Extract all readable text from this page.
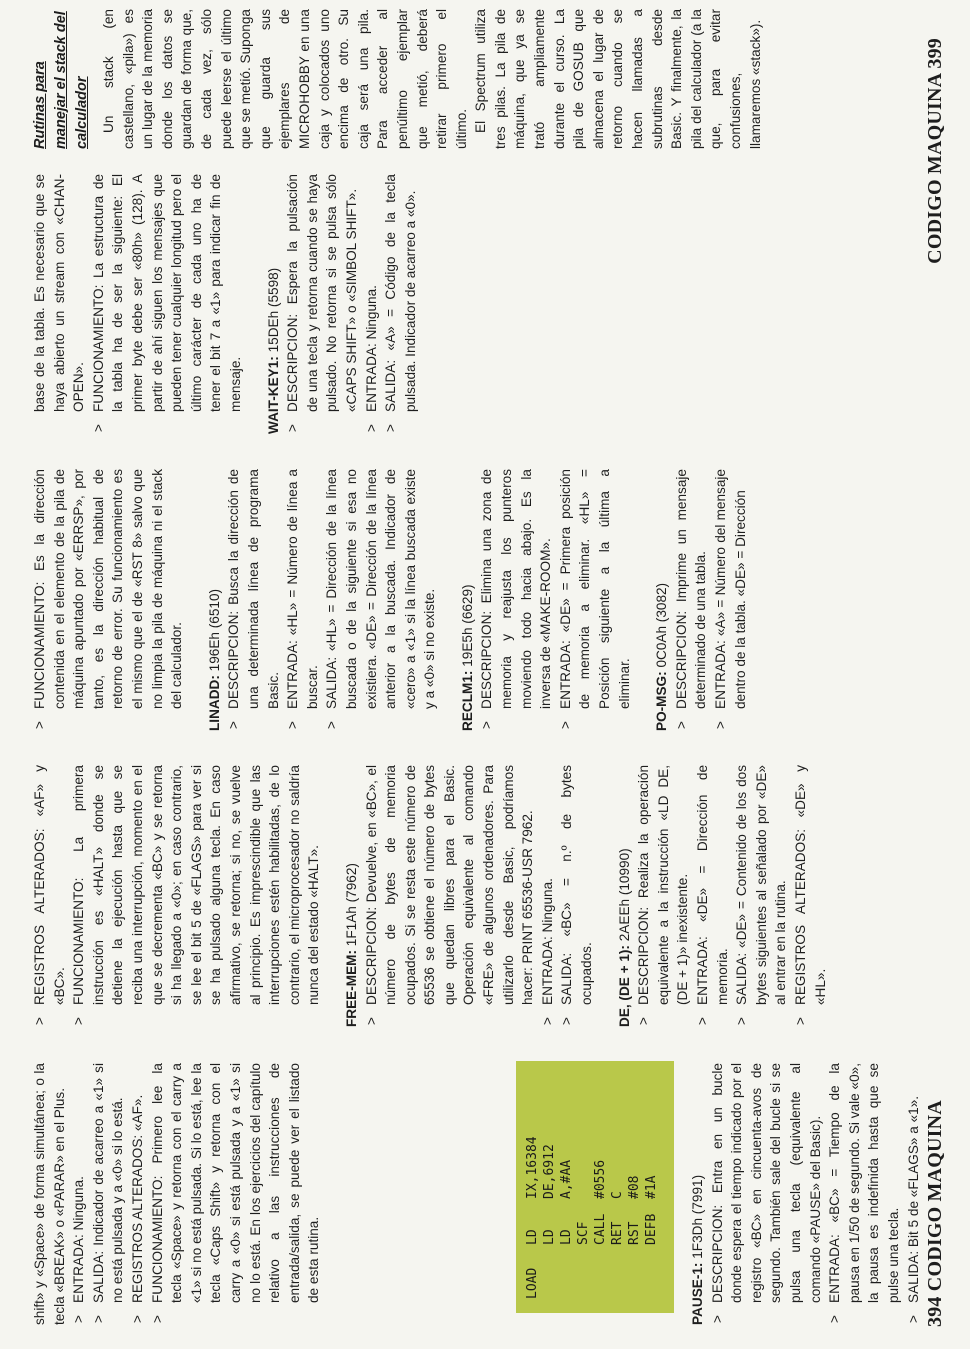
shift» y «Space» de forma simultánea; o la tecla «BREAK» o «PARAR» en el Plus. >
ENTRADA: Ninguna.

>
SALIDA: Indicador de acarreo a «1» si no está pulsada y a «0» si lo está.

>
REGISTROS ALTERADOS: «AF».

>
FUNCIONAMIENTO: Primero lee la tecla «Space» y retorna con el carry a «1» si no está pulsada. Si lo está, lee la tecla «Caps Shift» y retorna con el carry a «0» si está pulsada y a «1» si no lo está. En los ejercicios del capítulo relativo a las instrucciones de entrada/salida, se puede ver el listado de esta rutina.	LOAD
LD
IX,16384
LD
DE,6912
LD
A,#AA
SCF CALL
#0556
RET
C
RST
#08
DEFB
#1A

PAUSE-1: 1F3Dh (7991)

>
DESCRIPCION: Entra en un bucle donde espera el tiempo indicado por el registro «BC» en cincuenta-avos de segundo. También sale del bucle si se pulsa una tecla (equivalente al comando «PAUSE» del Basic).

>
ENTRADA: «BC» = Tiempo de la pausa en 1/50 de segundo. Si vale «0», la pausa es indefinida hasta que se pulse una tecla.

>
SALIDA: Bit 5 de «FLAGS» a «1».

>
REGISTROS ALTERADOS: «AF» y «BC».

>
FUNCIONAMIENTO: La primera instrucción es «HALT» donde se detiene la ejecución hasta que se reciba una interrupción, momento en el que se decrementa «BC» y se retorna si ha llegado a «0»; en caso contrario, se lee el bit 5 de «FLAGS» para ver si se ha pulsado alguna tecla. En caso afirmativo, se retorna; si no, se vuelve al principio. Es imprescindible que las interrupciones estén habilitadas, de lo contrario, el microprocesador no saldría nunca del estado «HALT». FREE-MEM: 1F1Ah (7962)

>
DESCRIPCION: Devuelve, en «BC», el número de bytes de memoria ocupados. Si se resta este número de 65536 se obtiene el número de bytes que quedan libres para el Basic. Operación equivalente al comando «FRE» de algunos ordenadores. Para utilizarlo desde Basic, podríamos hacer: PRINT 65536-USR 7962.

>
ENTRADA: Ninguna.

>
SALIDA: «BC» = n.º de bytes ocupados. DE, (DE + 1): 2AEEh (10990)

>
DESCRIPCION: Realiza la operación equivalente a la instrucción «LD DE, (DE + 1)» inexistente.

>
ENTRADA: «DE» = Dirección de memoria.

>
SALIDA: «DE» = Contenido de los dos bytes siguientes al señalado por «DE» al entrar en la rutina.

>
REGISTROS ALTERADOS: «DE» y «HL».

>
FUNCIONAMIENTO: Es la dirección contenida en el elemento de la pila de máquina apuntado por «ERRSP», por tanto, es la dirección habitual de retorno de error. Su funcionamiento es el mismo que el de «RST 8» salvo que no limpia la pila de máquina ni el stack del calculador. LINADD: 196Eh (6510)

>
DESCRIPCION: Busca la dirección de una determinada línea de programa Basic.

>
ENTRADA: «HL» = Número de línea a buscar.

>
SALIDA: «HL» = Dirección de la línea buscada o de la siguiente si esa no existiera. «DE» = Dirección de la línea anterior a la buscada. Indicador de «cero» a «1» si la línea buscada existe y a «0» si no existe. RECLM1: 19E5h (6629)

>
DESCRIPCION: Elimina una zona de memoria y reajusta los punteros moviendo todo hacia abajo. Es la inversa de «MAKE-ROOM».

>
ENTRADA: «DE» = Primera posición de memoria a eliminar. «HL» = Posición siguiente a la última a eliminar. PO-MSG: 0C0Ah (3082)

>
DESCRIPCION: Imprime un mensaje determinado de una tabla.

>
ENTRADA: «A» = Número del mensaje dentro de la tabla. «DE» = Dirección

base de la tabla. Es necesario que se haya abierto un stream con «CHAN-OPEN».

>
FUNCIONAMIENTO: La estructura de la tabla ha de ser la siguiente: El primer byte debe ser «80h» (128). A partir de ahí siguen los mensajes que pueden tener cualquier longitud pero el último carácter de cada uno ha de tener el bit 7 a «1» para indicar fin de mensaje. WAIT-KEY1: 15DEh (5598)

>
DESCRIPCION: Espera la pulsación de una tecla y retorna cuando se haya pulsado. No retorna si se pulsa sólo «CAPS SHIFT» o «SIMBOL SHIFT».

>
ENTRADA: Ninguna.

>
SALIDA: «A» = Código de la tecla pulsada. Indicador de acarreo a «0».

Rutinas para manejar el stack del calculador Un stack (en castellano, «pila») es un lugar de la memoria donde los datos se guardan de forma que, de cada vez, sólo puede leerse el último que se metió. Suponga que guarda sus ejemplares de MICROHOBBY en una caja y colocados uno encima de otro. Su caja será una pila. Para acceder al penúltimo ejemplar que metió, deberá retirar primero el último. El Spectrum utiliza tres pilas. La pila de máquina, que ya se trató ampliamente durante el curso. La pila de GOSUB que almacena el lugar de retorno cuando se hacen llamadas a subrutinas desde Basic. Y finalmente, la pila del calculador (a la que, para evitar confusiones, llamaremos «stack»).

394 CODIGO MAQUINA
CODIGO MAQUINA 399
